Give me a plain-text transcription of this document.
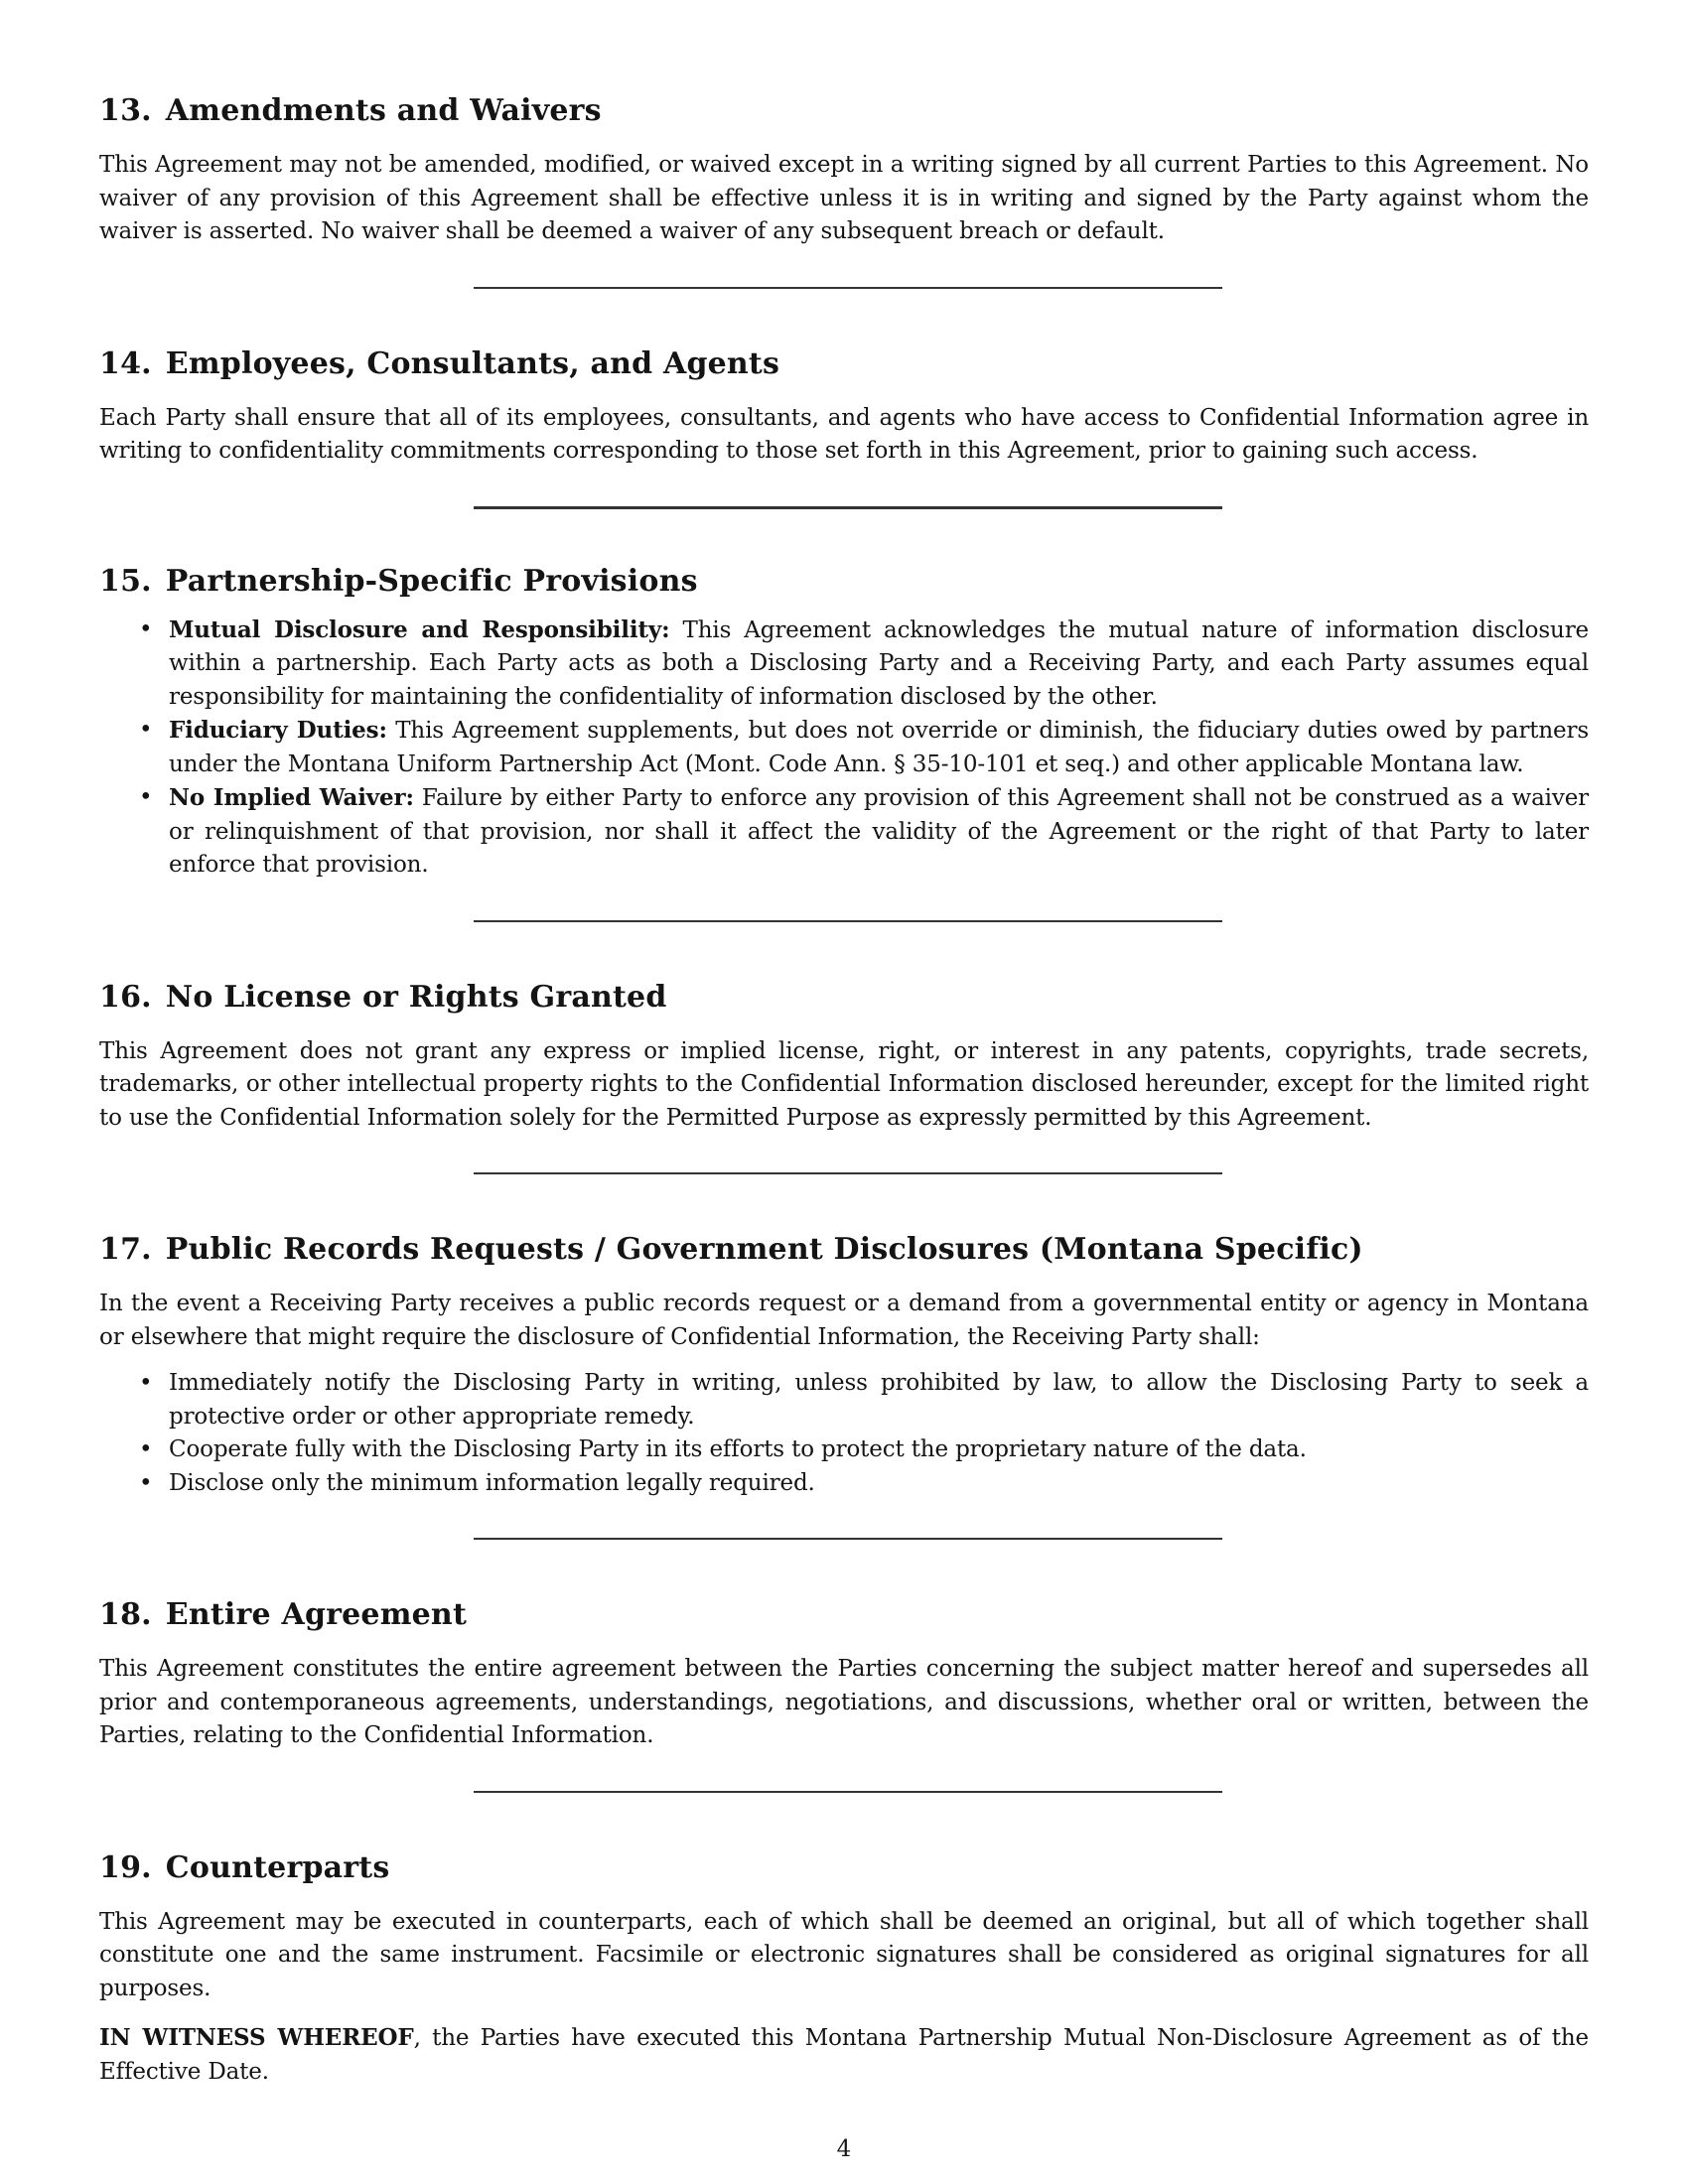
13. Amendments and Waivers

This Agreement may not be amended, modified, or waived except in a writing signed by all current Parties to this Agreement. No waiver of any provision of this Agreement shall be effective unless it is in writing and signed by the Party against whom the waiver is asserted. No waiver shall be deemed a waiver of any subsequent breach or default.

14. Employees, Consultants, and Agents

Each Party shall ensure that all of its employees, consultants, and agents who have access to Confidential Information agree in writing to confidentiality commitments corresponding to those set forth in this Agreement, prior to gaining such access.

15. Partnership-Specific Provisions
• Mutual Disclosure and Responsibility: This Agreement acknowledges the mutual nature of information disclosure within a partnership. Each Party acts as both a Disclosing Party and a Receiving Party, and each Party assumes equal responsibility for maintaining the confidentiality of information disclosed by the other.
• Fiduciary Duties: This Agreement supplements, but does not override or diminish, the fiduciary duties owed by partners under the Montana Uniform Partnership Act (Mont. Code Ann. § 35-10-101 et seq.) and other applicable Montana law.
• No Implied Waiver: Failure by either Party to enforce any provision of this Agreement shall not be construed as a waiver or relinquishment of that provision, nor shall it affect the validity of the Agreement or the right of that Party to later enforce that provision.
16. No License or Rights Granted

This Agreement does not grant any express or implied license, right, or interest in any patents, copyrights, trade secrets, trademarks, or other intellectual property rights to the Confidential Information disclosed hereunder, except for the limited right to use the Confidential Information solely for the Permitted Purpose as expressly permitted by this Agreement.

17. Public Records Requests / Government Disclosures (Montana Specific)

In the event a Receiving Party receives a public records request or a demand from a governmental entity or agency in Montana or elsewhere that might require the disclosure of Confidential Information, the Receiving Party shall:

• Immediately notify the Disclosing Party in writing, unless prohibited by law, to allow the Disclosing Party to seek a protective order or other appropriate remedy.
• Cooperate fully with the Disclosing Party in its efforts to protect the proprietary nature of the data.
• Disclose only the minimum information legally required.
18. Entire Agreement

This Agreement constitutes the entire agreement between the Parties concerning the subject matter hereof and supersedes all prior and contemporaneous agreements, understandings, negotiations, and discussions, whether oral or written, between the Parties, relating to the Confidential Information.

19. Counterparts

This Agreement may be executed in counterparts, each of which shall be deemed an original, but all of which together shall constitute one and the same instrument. Facsimile or electronic signatures shall be considered as original signatures for all purposes.

IN WITNESS WHEREOF, the Parties have executed this Montana Partnership Mutual Non-Disclosure Agreement as of the Effective Date.

4
